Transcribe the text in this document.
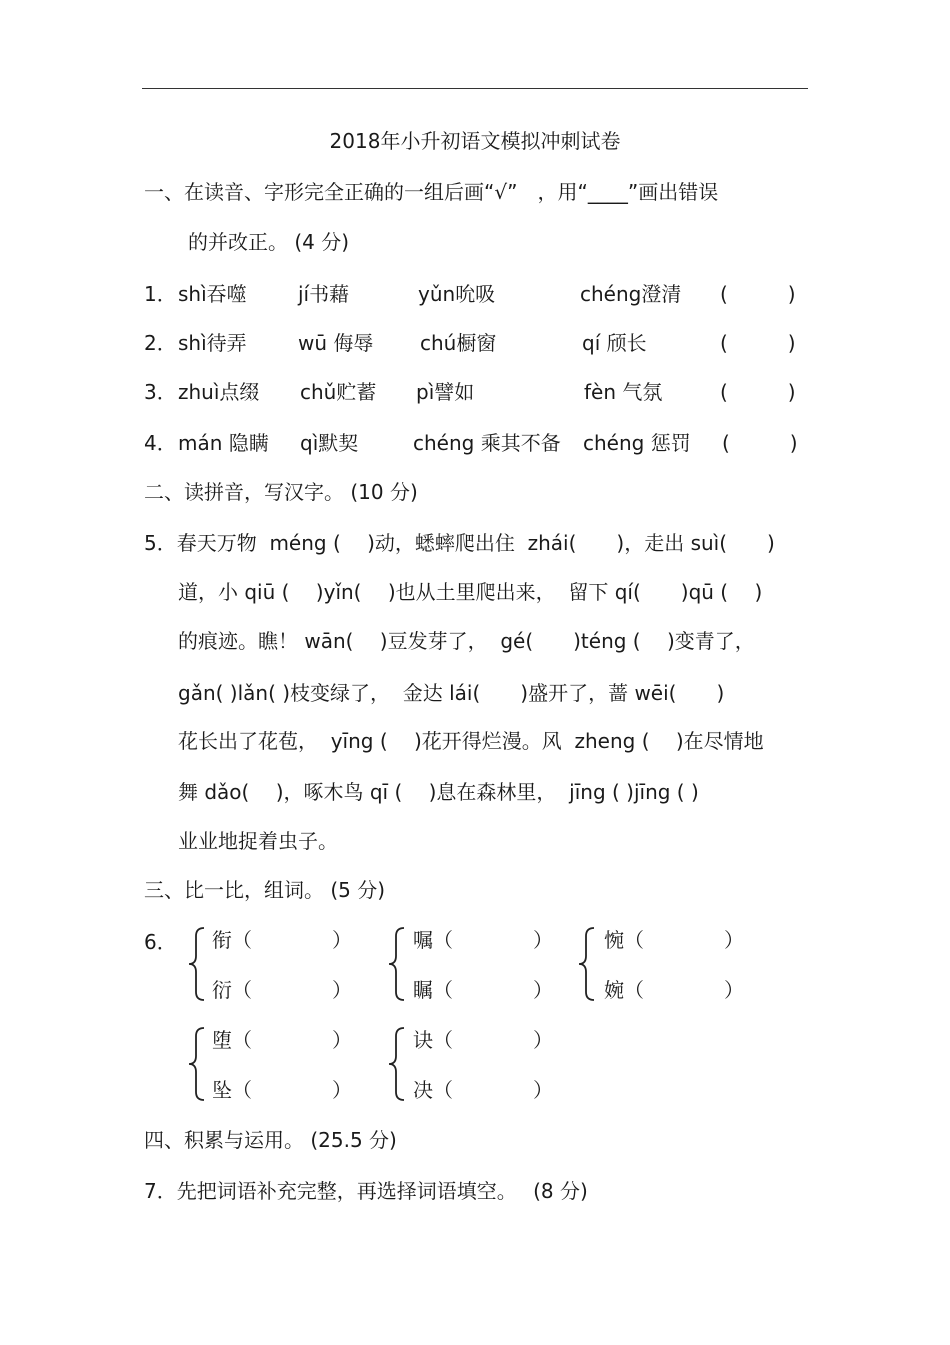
2018年小升初语文模拟冲刺试卷
一、在读音、字形完全正确的一组后画“√”　，用“____”画出错误
的并改正。 (4 分)
1． shì吞噬	jí书藉	yǔn吮吸	chéng澄清 (　　　)
2． shì待弄	wū 侮辱 chú橱窗	qí 颀长	(　　　)
3． zhuì点缀 chǔ贮蓄 pì譬如	fèn 气氛	(　　　)
4． mán 隐瞒 qì默契	chéng 乘其不备 chéng 惩罚 (　　　)
二、读拼音，写汉字。 (10 分)
5．春天万物  méng (　 )动，蟋蟀爬出住  zhái(　　)，走出 suì(　　)
道，小 qiū (　 )yǐn(　 )也从土里爬出来，  留下 qí(　　)qū (　 )
的痕迹。瞧！ wān(　 )豆发芽了，  gé(　　)téng (　 )变青了，
gǎn( )lǎn( )枝变绿了，  金达 lái(　　)盛开了，蔷 wēi(　　)
花长出了花苞，  yīng (　 )花开得烂漫。风  zheng (　 )在尽情地
舞 dǎo(　 )，啄木鸟 qī (　 )息在森林里，  jīng ( )jīng ( )
业业地捉着虫子。
三、比一比，组词。 (5 分)
6． 衔（　　　　）
衍（　　　　）
嘱（　　　　）
瞩（　　　　）
惋（　　　　）
婉（　　　　）
堕（　　　　）
坠（　　　　）
诀（　　　　）
决（　　　　）
四、积累与运用。 (25.5 分)
7．先把词语补充完整，再选择词语填空。　 (8 分)
